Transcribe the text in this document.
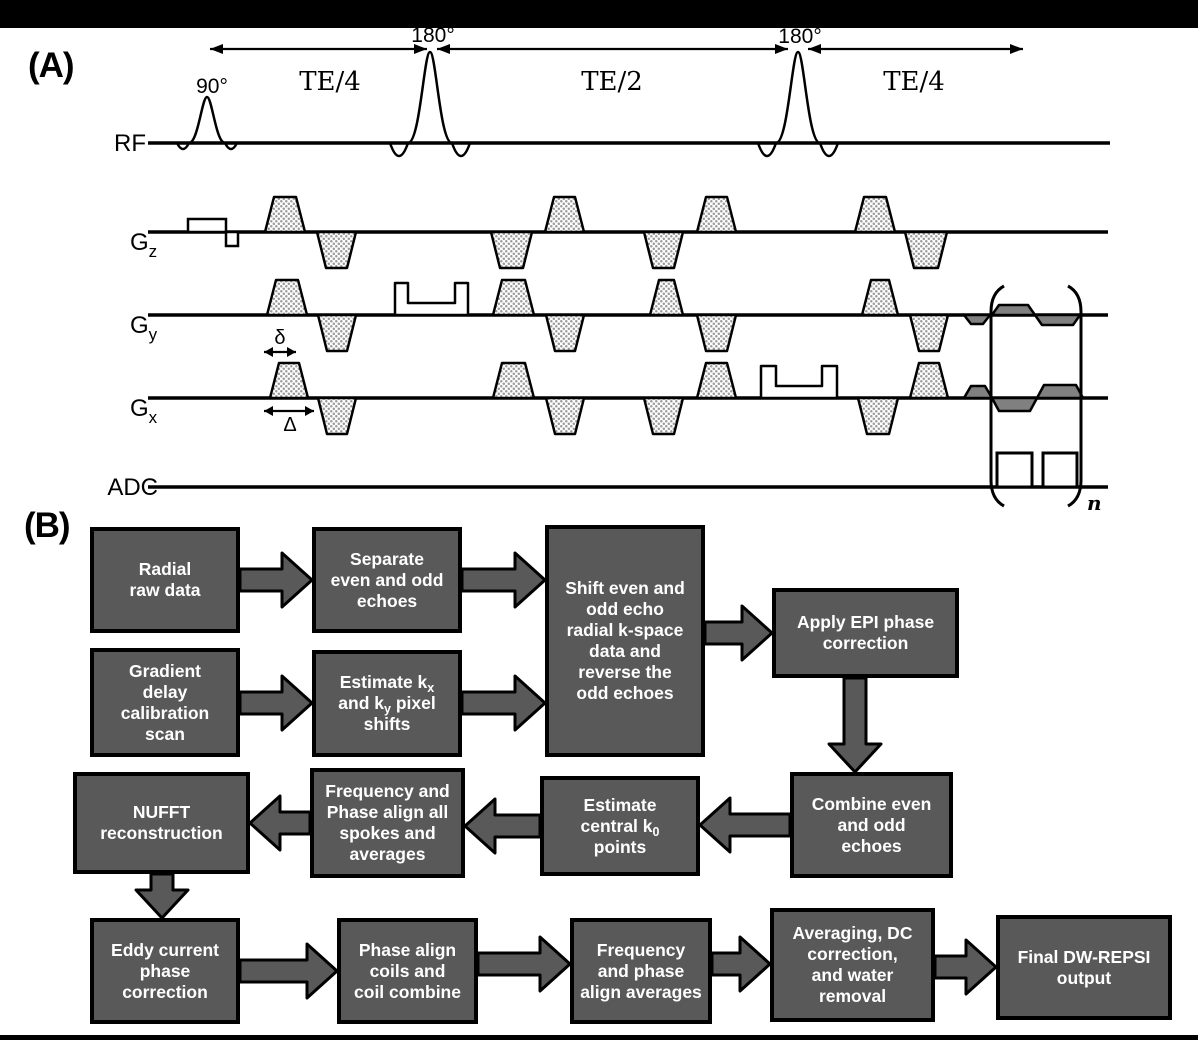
(A)
(B)
RF
$G_z$
$G_y$
$G_x$
ADC
90°
180°	180°
TE/4	TE/2	TE/4
δ
Δ
n
Radial
raw data
Separate
even and odd
echoes
Shift even and
odd echo
radial k-space
data and
reverse the
odd echoes
Apply EPI phase
correction
Gradient
delay
calibration
scan
Estimate $k_x$
and $k_y$ pixel
shifts
Combine even
and odd
echoes
Estimate
central $k_0$
points
Frequency and
Phase align all
spokes and
averages
NUFFT
reconstruction
Eddy current
phase
correction
Phase align
coils and
coil combine
Frequency
and phase
align averages
Averaging, DC
correction,
and water
removal
Final DW-REPSI
output
